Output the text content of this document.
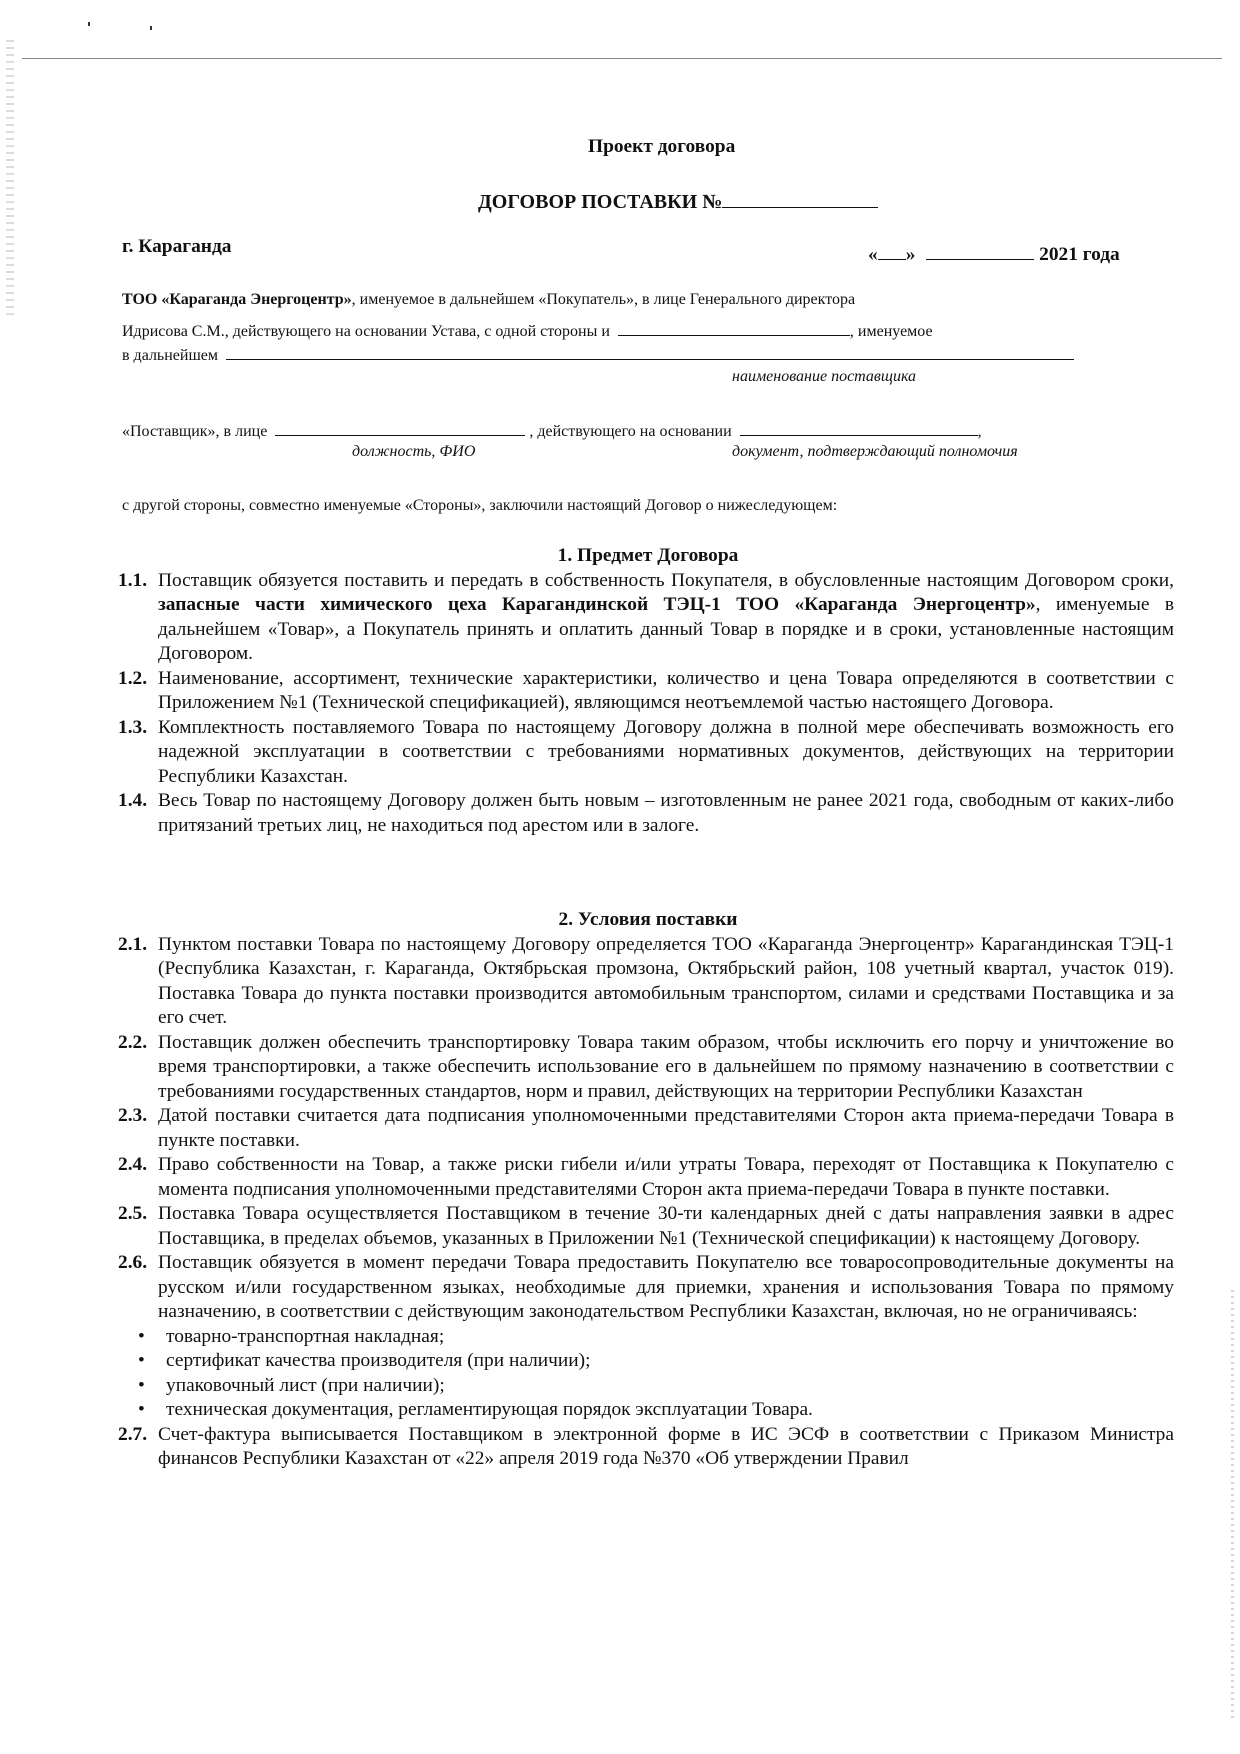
Проект договора
ДОГОВОР ПОСТАВКИ №
г. Караганда	« »	2021 года
ТОО «Караганда Энергоцентр», именуемое в дальнейшем «Покупатель», в лице Генерального директора
Идрисова С.М., действующего на основании Устава, с одной стороны и	, именуемое
в дальнейшем
наименование поставщика
«Поставщик», в лице	, действующего на основании	,
должность, ФИО	документ, подтверждающий полномочия
с другой стороны, совместно именуемые «Стороны», заключили настоящий Договор о нижеследующем:
1. Предмет Договора
1.1. Поставщик обязуется поставить и передать в собственность Покупателя, в обусловленные настоящим Договором сроки, запасные части химического цеха Карагандинской ТЭЦ-1 ТОО «Караганда Энергоцентр», именуемые в дальнейшем «Товар», а Покупатель принять и оплатить данный Товар в порядке и в сроки, установленные настоящим Договором.
1.2. Наименование, ассортимент, технические характеристики, количество и цена Товара определяются в соответствии с Приложением №1 (Технической спецификацией), являющимся неотъемлемой частью настоящего Договора.
1.3. Комплектность поставляемого Товара по настоящему Договору должна в полной мере обеспечивать возможность его надежной эксплуатации в соответствии с требованиями нормативных документов, действующих на территории Республики Казахстан.
1.4. Весь Товар по настоящему Договору должен быть новым – изготовленным не ранее 2021 года, свободным от каких-либо притязаний третьих лиц, не находиться под арестом или в залоге.
2. Условия поставки
2.1. Пунктом поставки Товара по настоящему Договору определяется ТОО «Караганда Энергоцентр» Карагандинская ТЭЦ-1 (Республика Казахстан, г. Караганда, Октябрьская промзона, Октябрьский район, 108 учетный квартал, участок 019). Поставка Товара до пункта поставки производится автомобильным транспортом, силами и средствами Поставщика и за его счет.
2.2. Поставщик должен обеспечить транспортировку Товара таким образом, чтобы исключить его порчу и уничтожение во время транспортировки, а также обеспечить использование его в дальнейшем по прямому назначению в соответствии с требованиями государственных стандартов, норм и правил, действующих на территории Республики Казахстан
2.3. Датой поставки считается дата подписания уполномоченными представителями Сторон акта приема-передачи Товара в пункте поставки.
2.4. Право собственности на Товар, а также риски гибели и/или утраты Товара, переходят от Поставщика к Покупателю с момента подписания уполномоченными представителями Сторон акта приема-передачи Товара в пункте поставки.
2.5. Поставка Товара осуществляется Поставщиком в течение 30-ти календарных дней с даты направления заявки в адрес Поставщика, в пределах объемов, указанных в Приложении №1 (Технической спецификации) к настоящему Договору.
2.6. Поставщик обязуется в момент передачи Товара предоставить Покупателю все товаросопроводительные документы на русском и/или государственном языках, необходимые для приемки, хранения и использования Товара по прямому назначению, в соответствии с действующим законодательством Республики Казахстан, включая, но не ограничиваясь:
• товарно-транспортная накладная;
• сертификат качества производителя (при наличии);
• упаковочный лист (при наличии);
• техническая документация, регламентирующая порядок эксплуатации Товара.
2.7. Счет-фактура выписывается Поставщиком в электронной форме в ИС ЭСФ в соответствии с Приказом Министра финансов Республики Казахстан от «22» апреля 2019 года №370 «Об утверждении Правил
